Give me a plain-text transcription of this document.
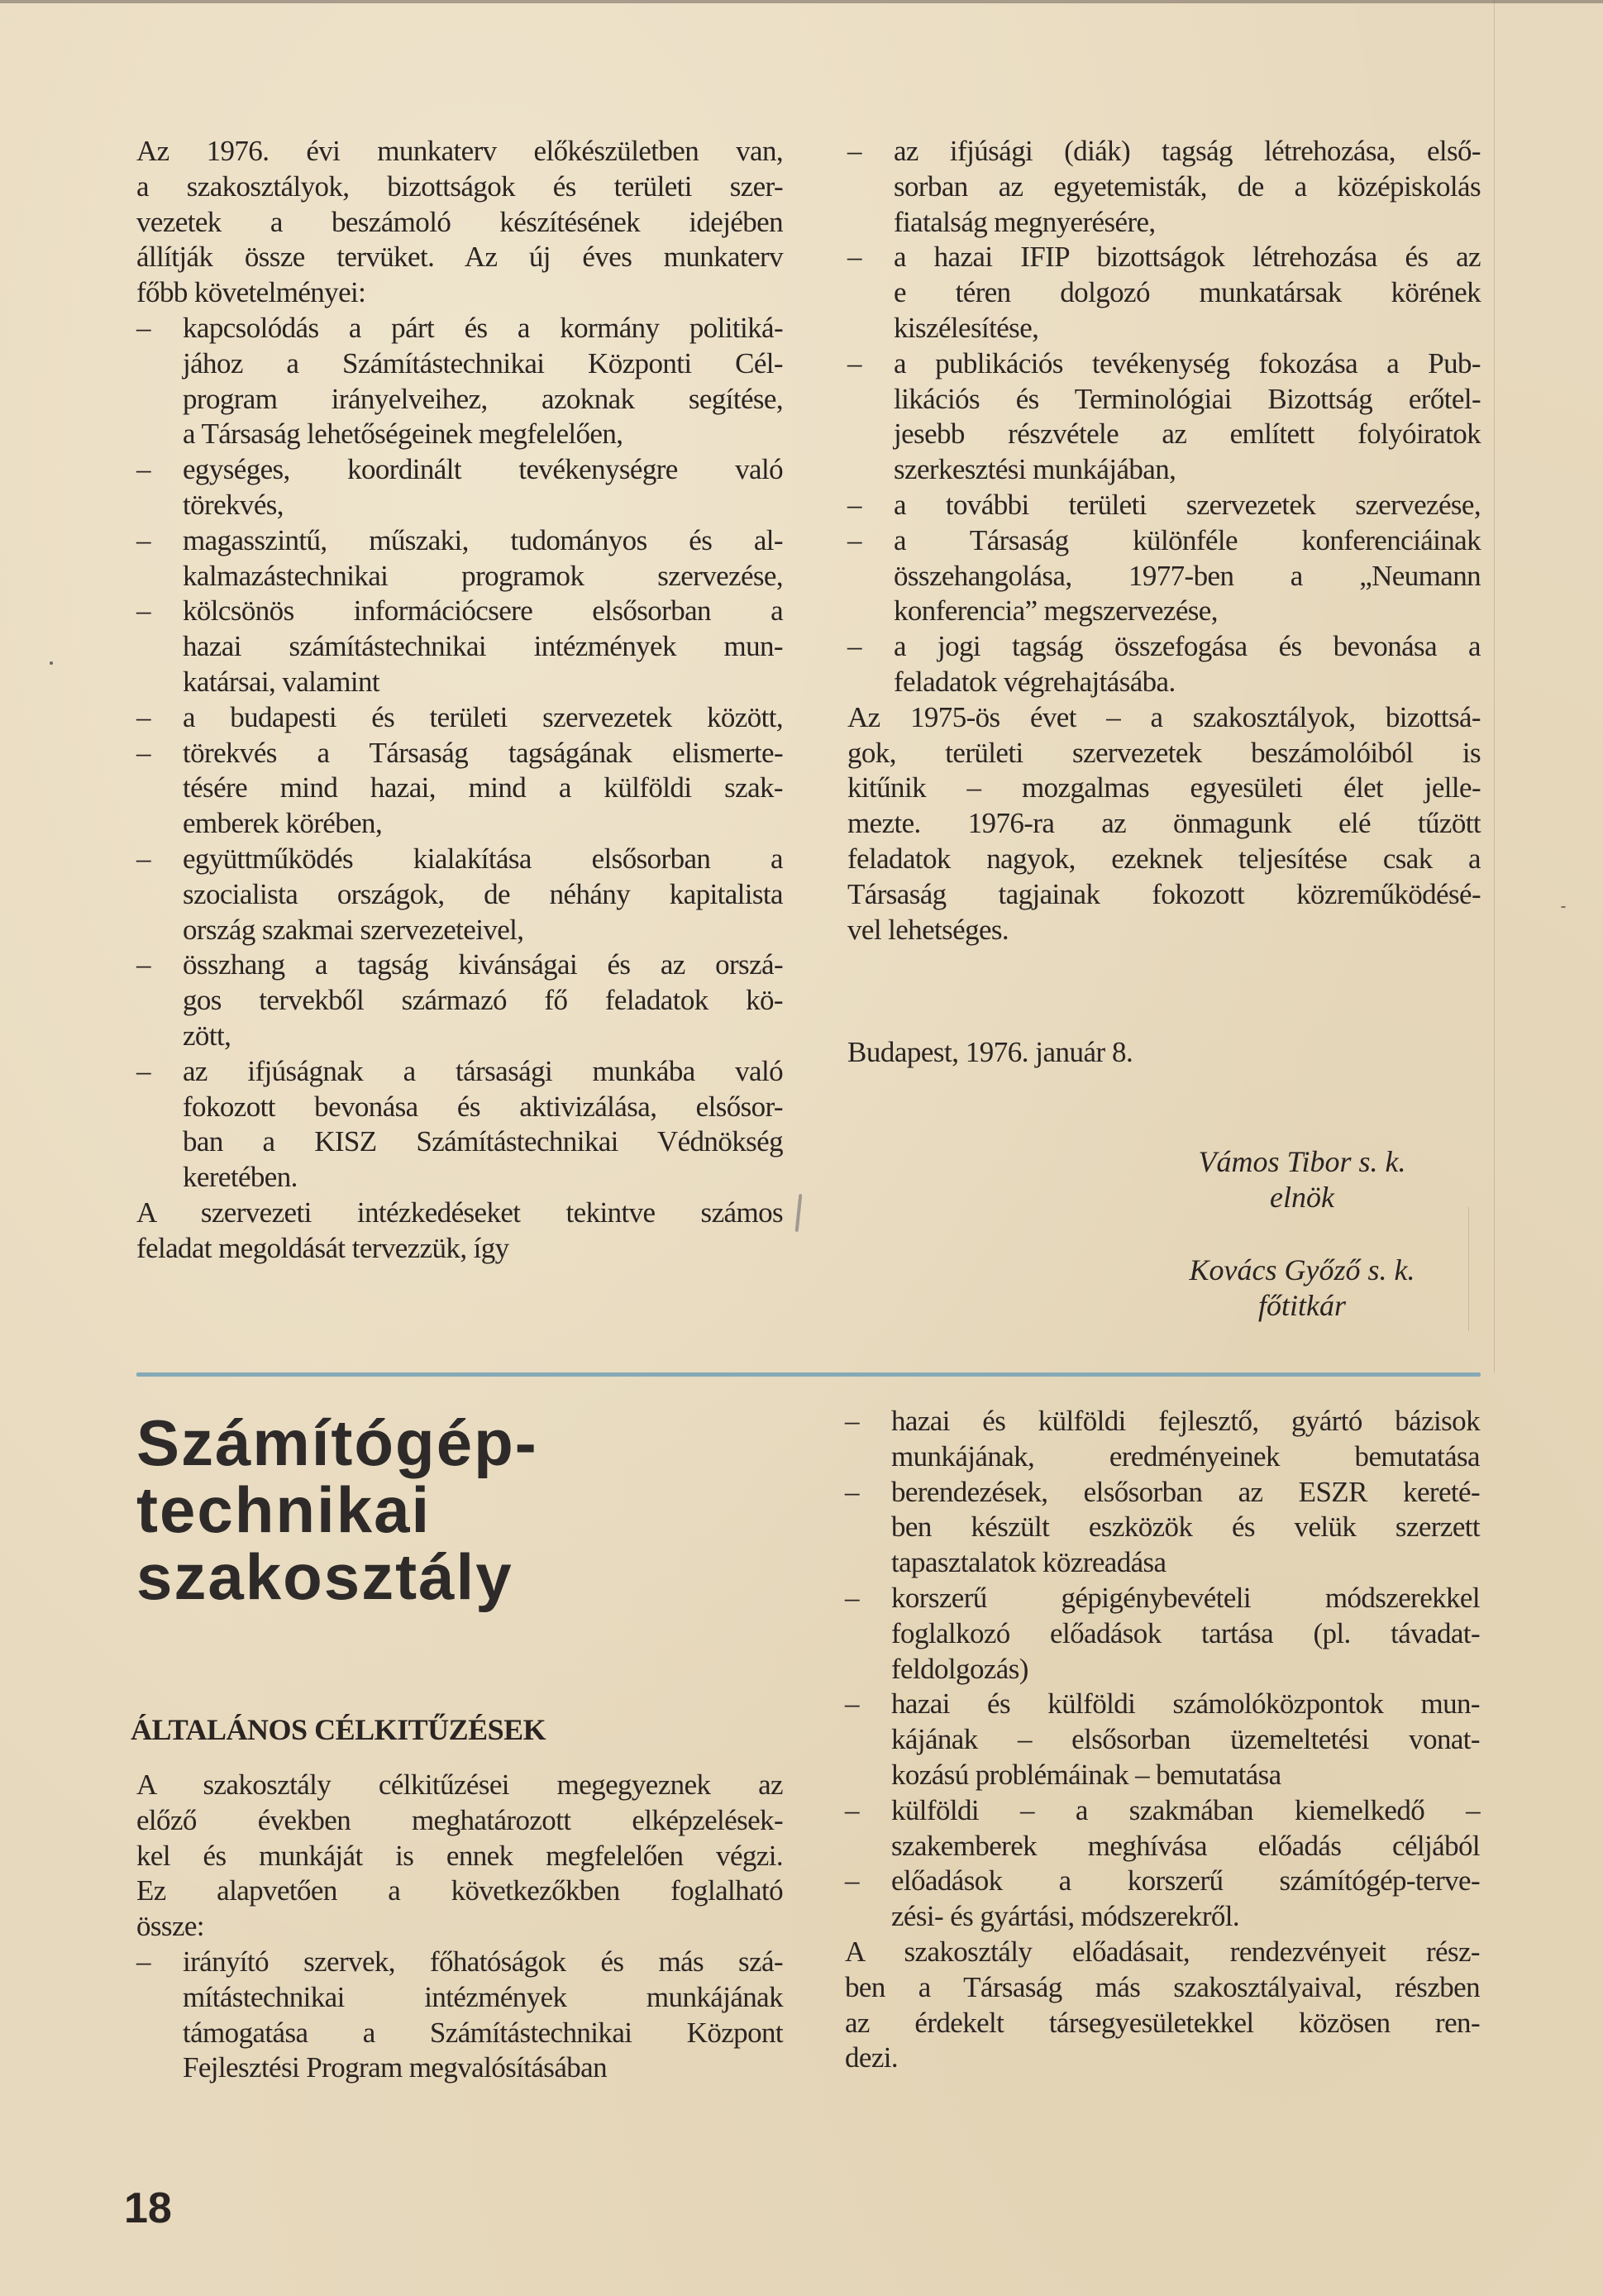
Az 1976. évi munkaterv előkészületben van,
a szakosztályok, bizottságok és területi szer-
vezetek a beszámoló készítésének idejében
állítják össze tervüket. Az új éves munkaterv
főbb követelményei:
– kapcsolódás a párt és a kormány politiká-
jához a Számítástechnikai Központi Cél-
program irányelveihez, azoknak segítése,
a Társaság lehetőségeinek megfelelően,
– egységes, koordinált tevékenységre való
törekvés,
– magasszintű, műszaki, tudományos és al-
kalmazástechnikai programok szervezése,
– kölcsönös információcsere elsősorban a
hazai számítástechnikai intézmények mun-
katársai, valamint
– a budapesti és területi szervezetek között,
– törekvés a Társaság tagságának elismerte-
tésére mind hazai, mind a külföldi szak-
emberek körében,
– együttműködés kialakítása elsősorban a
szocialista országok, de néhány kapitalista
ország szakmai szervezeteivel,
– összhang a tagság kivánságai és az orszá-
gos tervekből származó fő feladatok kö-
zött,
– az ifjúságnak a társasági munkába való
fokozott bevonása és aktivizálása, elsősor-
ban a KISZ Számítástechnikai Védnökség
keretében.
A szervezeti intézkedéseket tekintve számos
feladat megoldását tervezzük, így
– az ifjúsági (diák) tagság létrehozása, első-
sorban az egyetemisták, de a középiskolás
fiatalság megnyerésére,
– a hazai IFIP bizottságok létrehozása és az
e téren dolgozó munkatársak körének
kiszélesítése,
– a publikációs tevékenység fokozása a Pub-
likációs és Terminológiai Bizottság erőtel-
jesebb részvétele az említett folyóiratok
szerkesztési munkájában,
– a további területi szervezetek szervezése,
– a Társaság különféle konferenciáinak
összehangolása, 1977-ben a „Neumann
konferencia” megszervezése,
– a jogi tagság összefogása és bevonása a
feladatok végrehajtásába.
Az 1975-ös évet – a szakosztályok, bizottsá-
gok, területi szervezetek beszámolóiból is
kitűnik – mozgalmas egyesületi élet jelle-
mezte. 1976-ra az önmagunk elé tűzött
feladatok nagyok, ezeknek teljesítése csak a
Társaság tagjainak fokozott közreműködésé-
vel lehetséges.
Budapest, 1976. január 8.
Vámos Tibor s. k.
elnök
Kovács Győző s. k.
főtitkár
Számítógép-
technikai
szakosztály
ÁLTALÁNOS CÉLKITŰZÉSEK
A szakosztály célkitűzései megegyeznek az
előző években meghatározott elképzelések-
kel és munkáját is ennek megfelelően végzi.
Ez alapvetően a következőkben foglalható
össze:
– irányító szervek, főhatóságok és más szá-
mítástechnikai intézmények munkájának
támogatása a Számítástechnikai Központ
Fejlesztési Program megvalósításában
– hazai és külföldi fejlesztő, gyártó bázisok
munkájának, eredményeinek bemutatása
– berendezések, elsősorban az ESZR kereté-
ben készült eszközök és velük szerzett
tapasztalatok közreadása
– korszerű gépigénybevételi módszerekkel
foglalkozó előadások tartása (pl. távadat-
feldolgozás)
– hazai és külföldi számolóközpontok mun-
kájának – elsősorban üzemeltetési vonat-
kozású problémáinak – bemutatása
– külföldi – a szakmában kiemelkedő –
szakemberek meghívása előadás céljából
– előadások a korszerű számítógép-terve-
zési- és gyártási, módszerekről.
A szakosztály előadásait, rendezvényeit rész-
ben a Társaság más szakosztályaival, részben
az érdekelt társegyesületekkel közösen ren-
dezi.
18
